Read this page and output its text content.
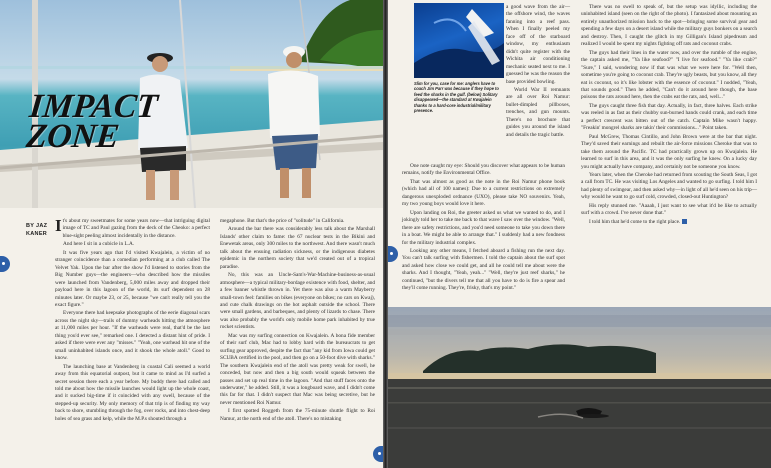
IMPACT ZONE
BY JAZ KANER It's about my sweetmates for some years now—that intriguing digital image of TC and Paul gazing from the deck of the Cheoko: a perfect blue-sight peeling almost incidentally in the distance.

And here I sit in a cubicle in L.A.

It was five years ago that I'd visited Kwajalein, a victim of no stranger coincidence than a comedian performing at a club called The Velvet Yak. Upon the bar after the show I'd listened to stories from the Big Number guys—the engineers—who described how the missiles were launched from Vandenberg, 5,000 miles away and dropped their payload here in this lagoon of the world, its surf dependent on 28 minutes later. Or maybe 23, or 25, because "we can't really tell you the exact figure."

Everyone there had keepsake photographs of the eerie diagonal scars across the night sky—trails of dummy warheads hitting the atmosphere at 11,000 miles per hour. "If the warheads were real, that'd be the last thing you'd ever see," remarked one. I detected a distant hint of pride. I asked if there were ever any "misses." "Yeah, one warhead hit one of the small uninhabited islands once, and it shook the whole atoll." Good to know.

The launching base at Vandenberg in coastal Cali seemed a world away from this equatorial outpost, but it came to mind as I'd surfed a secret session there each a year before. My buddy there had called and told me about how the missile launches would light up the whole coast, and it sucked big-time if it coincided with any swell, because of the stepped-up security. My only memory of that trip is of finding my way back to shore, stumbling through the fog, over rocks, and into chest-deep holes of sea grass and kelp, while the M.P.s shouted through a

megaphone. But that's the price of "solitude" in California.

Around the bar there was considerably less talk about the Marshall Islands' other claim to fame: the 67 nuclear tests in the Bikini and Enewetak areas, only 300 miles to the northwest. And there wasn't much talk about the ensuing radiation sickness, or the indigenous diabetes epidemic in the northern society that we'd created out of a tropical paradise.

No, this was an Uncle-Sam's-War-Machine-business-as-usual atmosphere—a typical military-bordage existence with food, shelter, and a few banner whistle thrown in. Yet there was also a warm Mayberry small-town feel: families on bikes (everyone on bikes; no cars on Kwaj), and cute chalk drawings on the hot asphalt outside the school. There were small gardens, and barbeques, and plenty of lizards to chase. There was also probably the world's only mobile home park inhabited by true rocket scientists.

Mac was my surfing connection on Kwajalein. A bona fide member of their surf club, Mac had to lobby hard with the bureaucrats to get surfing gear approved, despite the fact that "any kid from Iowa could get SCUBA certified in the pool, and then go on a 50-foot dive with sharks." The southern Kwajalein end of the atoll was pretty weak for swell, he conceded, but now and then a big south would squeak between the passes and set up real time in the lagoon. "And that stuff faces onto the underwater," he added. Still, it was a longboard wave, and I didn't come this far for that. I didn't suspect that Mac was being secretive, but he never mentioned Roi Namur.

I first spotted Roggeth from the 75-minute shuttle flight to Roi Namur, at the north end of the atoll. There's no mistaking

Slim for you, case for me: anglers have to coach Jim Parr was because if they hope to feed the sharks in the gulf. (below) Solitary disappeared—the standard at Kwajalein thanks to a hard-core industrial/military presence.

a good wave from the air—the offshore wind, the waves fanning into a reef pass. When I finally peeled my face off of the starboard window, my enthusiasm didn't quite register with the Wichita air conditioning mechanic seated next to me. I guessed he was the reason the base provided bowling.

World War II remnants are all over Roi Namur: bullet-dimpled pillboxes, trenches, and gun mounts. There's no brochure that guides you around the island and details the tragic battle.

One note caught my eye: Should you discover what appears to be human remains, notify the Environmental Office.

That was almost as good as the note in the Roi Namur phone book (which had all of 100 names): Due to a current restrictions on extremely dangerous unexploded ordnance (UXO), please take NO souvenirs. Yeah, my two young boys would love it here.

Upon landing on Roi, the greeter asked us what we wanted to do, and I jokingly told her to take me back to that wave I saw over the window. "Well, there are safety restrictions, and you'd need someone to take you down there in a boat. We might be able to arrange that." I suddenly had a new fondness for the military industrial complex.

Looking any other means, I fetched aboard a fishing run the next day. You can't talk surfing with fishermen. I told the captain about the surf spot and asked how close we could get, and all he could tell me about were the sharks. And I thought, "Yeah, yeah..." "Well, they're just reef sharks," he continued, "but the divers tell me that all you have to do is fire a spear and they'll come running. They're, frisky, that's my point."

There was no swell to speak of, but the setup was idyllic, including the uninhabited island (seen on the right of the photo). I fantasized about mounting an entirely unauthorized mission back to the spot—bringing some survival gear and spending a few days on a desert island while the military guys bonkers on a search and destroy. Then, I caught the glitch in my Gilligan's Island pipedream and realized I would be spent my nights fighting off rats and coconut crabs.

The guys had their lines in the water now, and over the rumble of the engine, the captain asked me, "Ya like seafood?" "I live for seafood." "Ya like crab?" "Sure," I said, wondering now if that was what we were here for. "Well then, sometime you're going to coconut crab. They're ugly beasts, but you know, all they eat is coconut, so it's like lobster with the essence of coconut." I nodded, "Yeah, that sounds good." Then he added, "Can't do it around here though, the base poisons the rats around here, then the crabs eat the rats, and, well..."

The guys caught three fish that day. Actually, in fact, three halves. Each strike was reeled in as fast as their chubby sun-burned hands could crank, and each time a perfect crescent was bitten out of the catch. Captain Mike wasn't happy. "Freakin' mongrel sharks are takin' their commissions..." Point taken.

Paul McGrew, Thomas Cintillo, and John Brown were at the bar that night. They'd saved their earnings and rebuilt the air-force missions Cheroke that was to take them around the Pacific. TC had practically grown up on Kwajalein. He learned to surf in this area, and it was the only surfing he knew. On a lucky day you might actually have company, and certainly not be someone you know.

Years later, when the Cheroke had returned from scouting the South Seas, I got a call from TC. He was visiting Los Angeles and wanted to go surfing. I told him I had plenty of swimgear, and then asked why—in light of all he'd seen on his trip—why would he want to go surf cold, crowded, closed-out Huntington?

His reply stunned me. "Aaaah, I just want to see what it'd be like to actually surf with a crowd. I've never done that."

I told him that he'd come to the right place.
